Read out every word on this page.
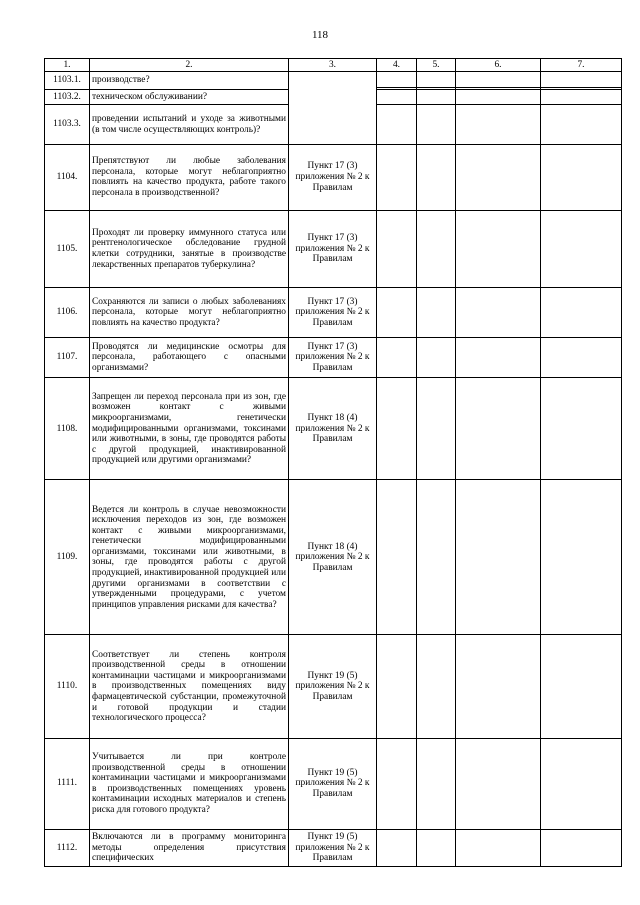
118
1.	2.	3.	4.	5.	6.	7.
1103.1.	производстве?		

1103.2.	техническом обслуживании?					
1103.3.	проведении испытаний и уходе за животными (в том числе осуществляющих контроль)?					
1104.	Препятствуют ли любые заболевания персонала, которые могут неблагоприятно повлиять на качество продукта, работе такого персонала в производственной?	Пункт 17 (3) приложения № 2 к Правилам				
1105.	Проходят ли проверку иммунного статуса или рентгенологическое обследование грудной клетки сотрудники, занятые в производстве лекарственных препаратов туберкулина?	Пункт 17 (3) приложения № 2 к Правилам				
1106.	Сохраняются ли записи о любых заболеваниях персонала, которые могут неблагоприятно повлиять на качество продукта?	Пункт 17 (3) приложения № 2 к Правилам				
1107.	Проводятся ли медицинские осмотры для персонала, работающего с опасными организмами?	Пункт 17 (3) приложения № 2 к Правилам				
1108.	Запрещен ли переход персонала при из зон, где возможен контакт с живыми микроорганизмами, генетически модифицированными организмами, токсинами или животными, в зоны, где проводятся работы с другой продукцией, инактивированной продукцией или другими организмами?	Пункт 18 (4) приложения № 2 к Правилам				
1109.	Ведется ли контроль в случае невозможности исключения переходов из зон, где возможен контакт с живыми микроорганизмами, генетически модифицированными организмами, токсинами или животными, в зоны, где проводятся работы с другой продукцией, инактивированной продукцией или другими организмами в соответствии с утвержденными процедурами, с учетом принципов управления рисками для качества?	Пункт 18 (4) приложения № 2 к Правилам				
1110.	Соответствует ли степень контроля производственной среды в отношении контаминации частицами и микроорганизмами в производственных помещениях виду фармацевтической субстанции, промежуточной и готовой продукции и стадии технологического процесса?	Пункт 19 (5) приложения № 2 к Правилам				
1111.	Учитывается ли при контроле производственной среды в отношении контаминации частицами и микроорганизмами в производственных помещениях уровень контаминации исходных материалов и степень риска для готового продукта?	Пункт 19 (5) приложения № 2 к Правилам				
1112.	Включаются ли в программу мониторинга методы определения присутствия специфических	Пункт 19 (5) приложения № 2 к Правилам				
